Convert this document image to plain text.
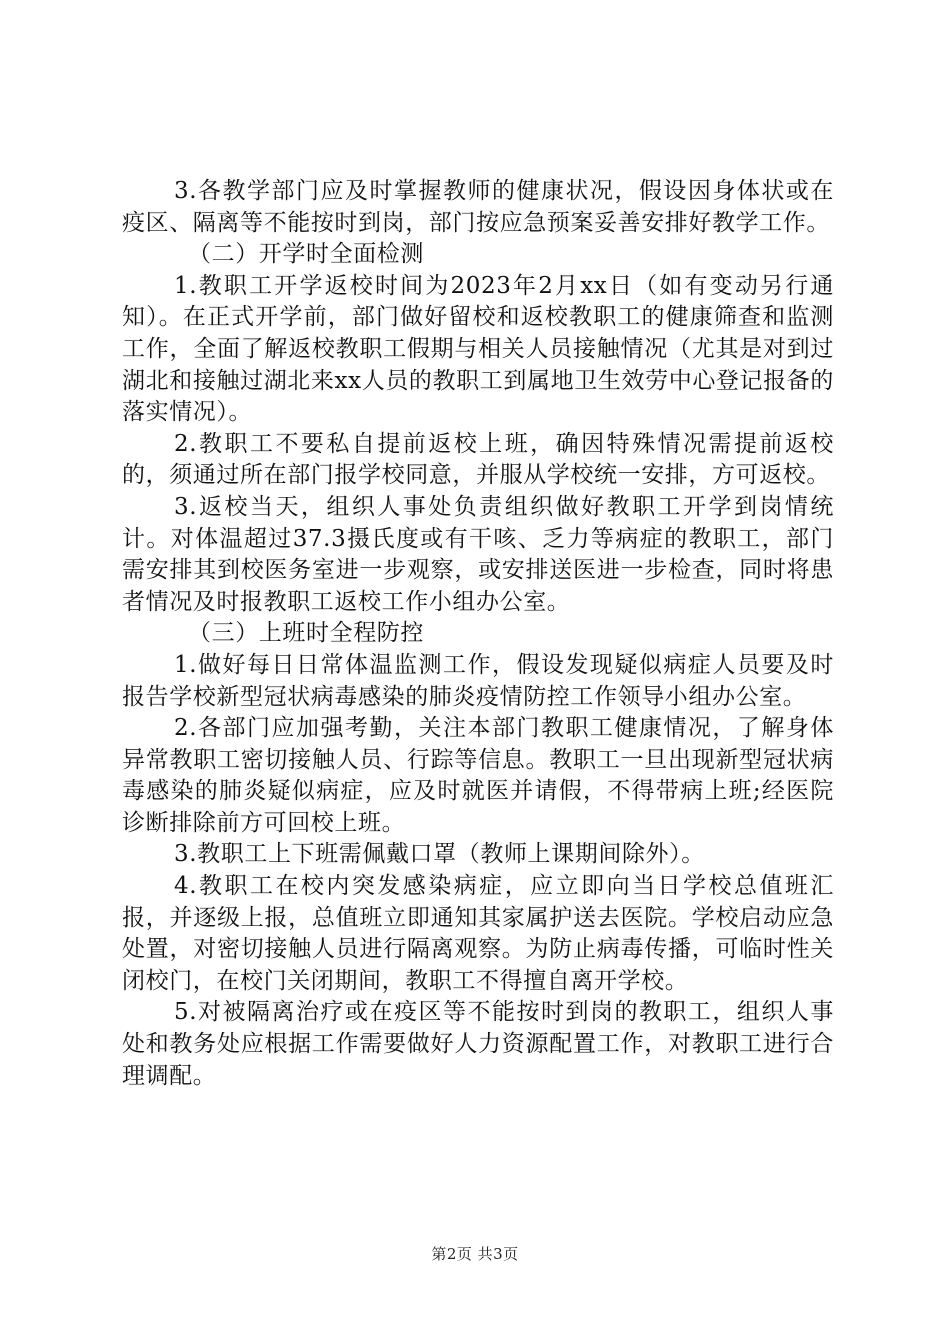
3.各教学部门应及时掌握教师的健康状况，假设因身体状或在疫区、隔离等不能按时到岗，部门按应急预案妥善安排好教学工作。

（二）开学时全面检测

1.教职工开学返校时间为2023年2月xx日（如有变动另行通知）。在正式开学前，部门做好留校和返校教职工的健康筛查和监测工作，全面了解返校教职工假期与相关人员接触情况（尤其是对到过湖北和接触过湖北来xx人员的教职工到属地卫生效劳中心登记报备的落实情况）。

2.教职工不要私自提前返校上班，确因特殊情况需提前返校的，须通过所在部门报学校同意，并服从学校统一安排，方可返校。

3.返校当天，组织人事处负责组织做好教职工开学到岗情统计。对体温超过37.3摄氏度或有干咳、乏力等病症的教职工，部门需安排其到校医务室进一步观察，或安排送医进一步检查，同时将患者情况及时报教职工返校工作小组办公室。

（三）上班时全程防控

1.做好每日日常体温监测工作，假设发现疑似病症人员要及时报告学校新型冠状病毒感染的肺炎疫情防控工作领导小组办公室。

2.各部门应加强考勤，关注本部门教职工健康情况，了解身体异常教职工密切接触人员、行踪等信息。教职工一旦出现新型冠状病毒感染的肺炎疑似病症，应及时就医并请假，不得带病上班;经医院诊断排除前方可回校上班。

3.教职工上下班需佩戴口罩（教师上课期间除外）。

4.教职工在校内突发感染病症，应立即向当日学校总值班汇报，并逐级上报，总值班立即通知其家属护送去医院。学校启动应急处置，对密切接触人员进行隔离观察。为防止病毒传播，可临时性关闭校门，在校门关闭期间，教职工不得擅自离开学校。

5.对被隔离治疗或在疫区等不能按时到岗的教职工，组织人事处和教务处应根据工作需要做好人力资源配置工作，对教职工进行合理调配。

第2页 共3页
